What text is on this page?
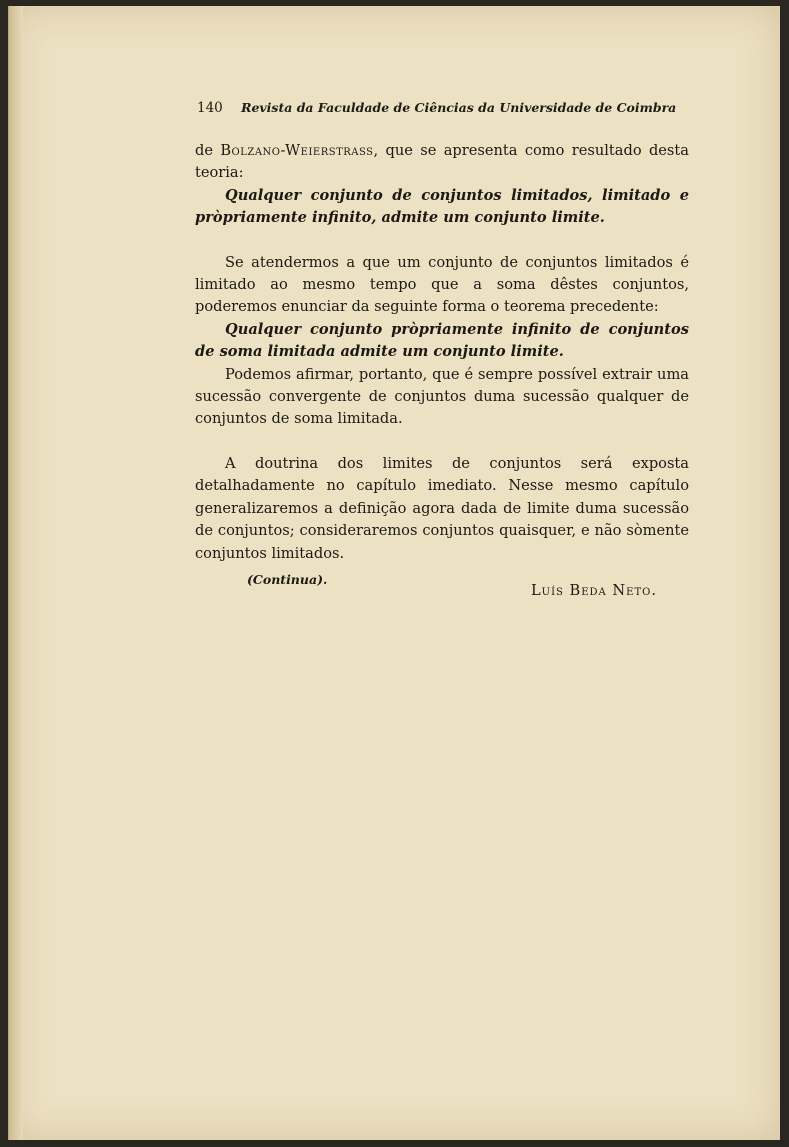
140 Revista da Faculdade de Ciências da Universidade de Coimbra

de Bolzano-Weierstrass, que se apresenta como resultado desta teoria:

Qualquer conjunto de conjuntos limitados, limitado e pròpriamente infinito, admite um conjunto limite.

Se atendermos a que um conjunto de conjuntos limitados é limitado ao mesmo tempo que a soma dêstes conjuntos, poderemos enunciar da seguinte forma o teorema precedente:

Qualquer conjunto pròpriamente infinito de conjuntos de soma limitada admite um conjunto limite.

Podemos afirmar, portanto, que é sempre possível extrair uma sucessão convergente de conjuntos duma sucessão qualquer de conjuntos de soma limitada.

A doutrina dos limites de conjuntos será exposta detalhadamente no capítulo imediato. Nesse mesmo capítulo generalizaremos a definição agora dada de limite duma sucessão de conjuntos; consideraremos conjuntos quaisquer, e não sòmente conjuntos limitados.

(Continua).
Luís Beda Neto.
